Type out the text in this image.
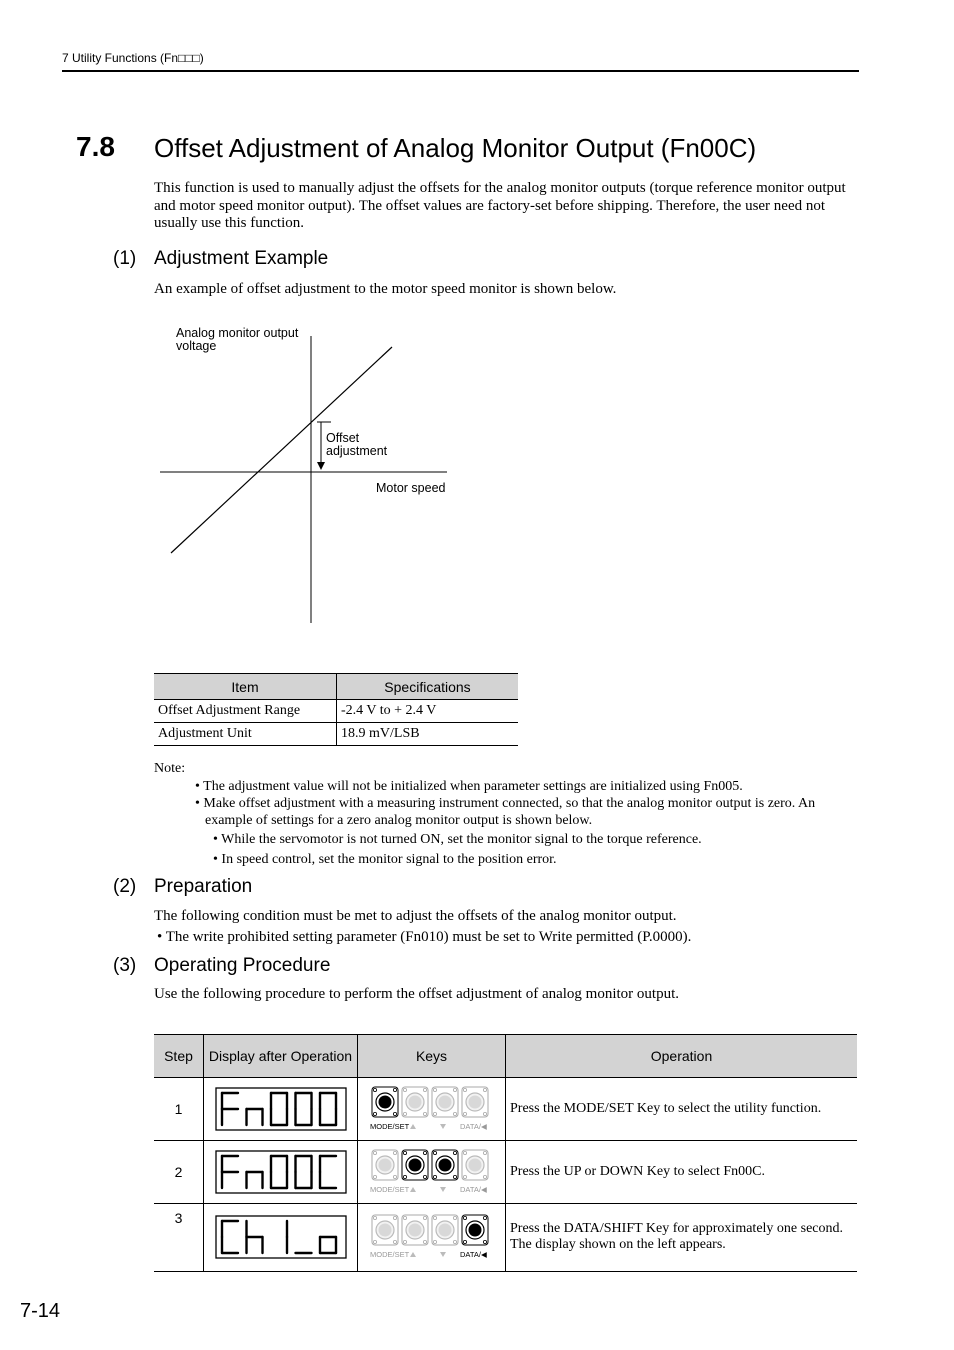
7 Utility Functions (Fn□□□)
7.8 Offset Adjustment of Analog Monitor Output (Fn00C)
This function is used to manually adjust the offsets for the analog monitor outputs (torque reference monitor output and motor speed monitor output). The offset values are factory-set before shipping. Therefore, the user need not usually use this function.
(1) Adjustment Example
An example of offset adjustment to the motor speed monitor is shown below.
Analog monitor output
voltage
Offset
adjustment
Motor speed
Item	Specifications
Offset Adjustment Range	-2.4 V to + 2.4 V
Adjustment Unit	18.9 mV/LSB
Note:
• The adjustment value will not be initialized when parameter settings are initialized using Fn005.
• Make offset adjustment with a measuring instrument connected, so that the analog monitor output is zero. An example of settings for a zero analog monitor output is shown below.
• While the servomotor is not turned ON, set the monitor signal to the torque reference.
• In speed control, set the monitor signal to the position error.
(2) Preparation
The following condition must be met to adjust the offsets of the analog monitor output.
• The write prohibited setting parameter (Fn010) must be set to Write permitted (P.0000).
(3) Operating Procedure
Use the following procedure to perform the offset adjustment of analog monitor output.
Step	Display after Operation	Keys	Operation
1		MODE/SET DATA/◀	Press the MODE/SET Key to select the utility function.
2		MODE/SET DATA/◀	Press the UP or DOWN Key to select Fn00C.
3		MODE/SET DATA/◀	Press the DATA/SHIFT Key for approximately one second. The display shown on the left appears.
7-14
